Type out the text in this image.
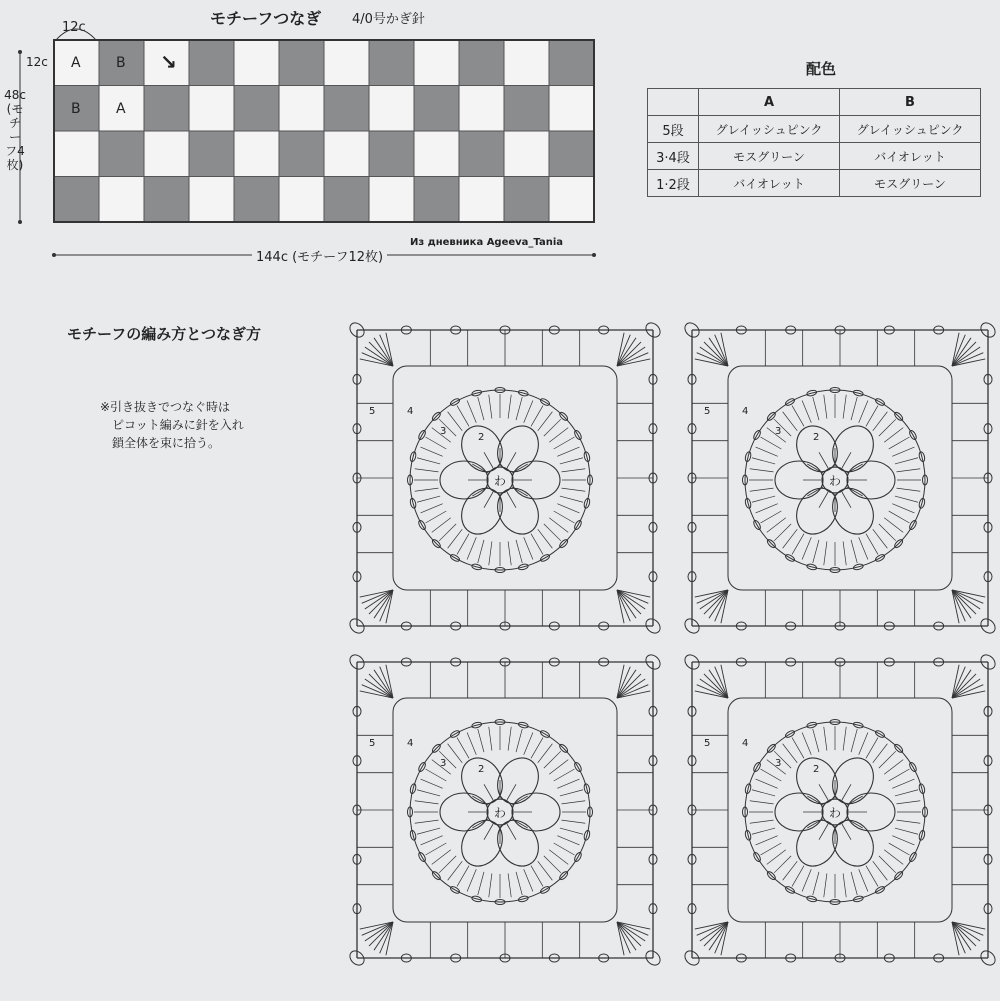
モチーフつなぎ 4/0号かぎ針
12c
12c
48c (モチーフ4枚)
A	B
B	A
↘
144c (モチーフ12枚)
Из дневника Ageeva_Tania
配色
	A	B
5段	グレイッシュピンク	グレイッシュピンク
3·4段	モスグリーン	バイオレット
1·2段	バイオレット	モスグリーン
モチーフの編み方とつなぎ方
※引き抜きでつなぐ時は
ピコット編みに針を入れ
鎖全体を束に拾う。
わ
5	4
3
2
わ
5	4
3
2
わ
5	4
3
2
わ
5	4
3
2
